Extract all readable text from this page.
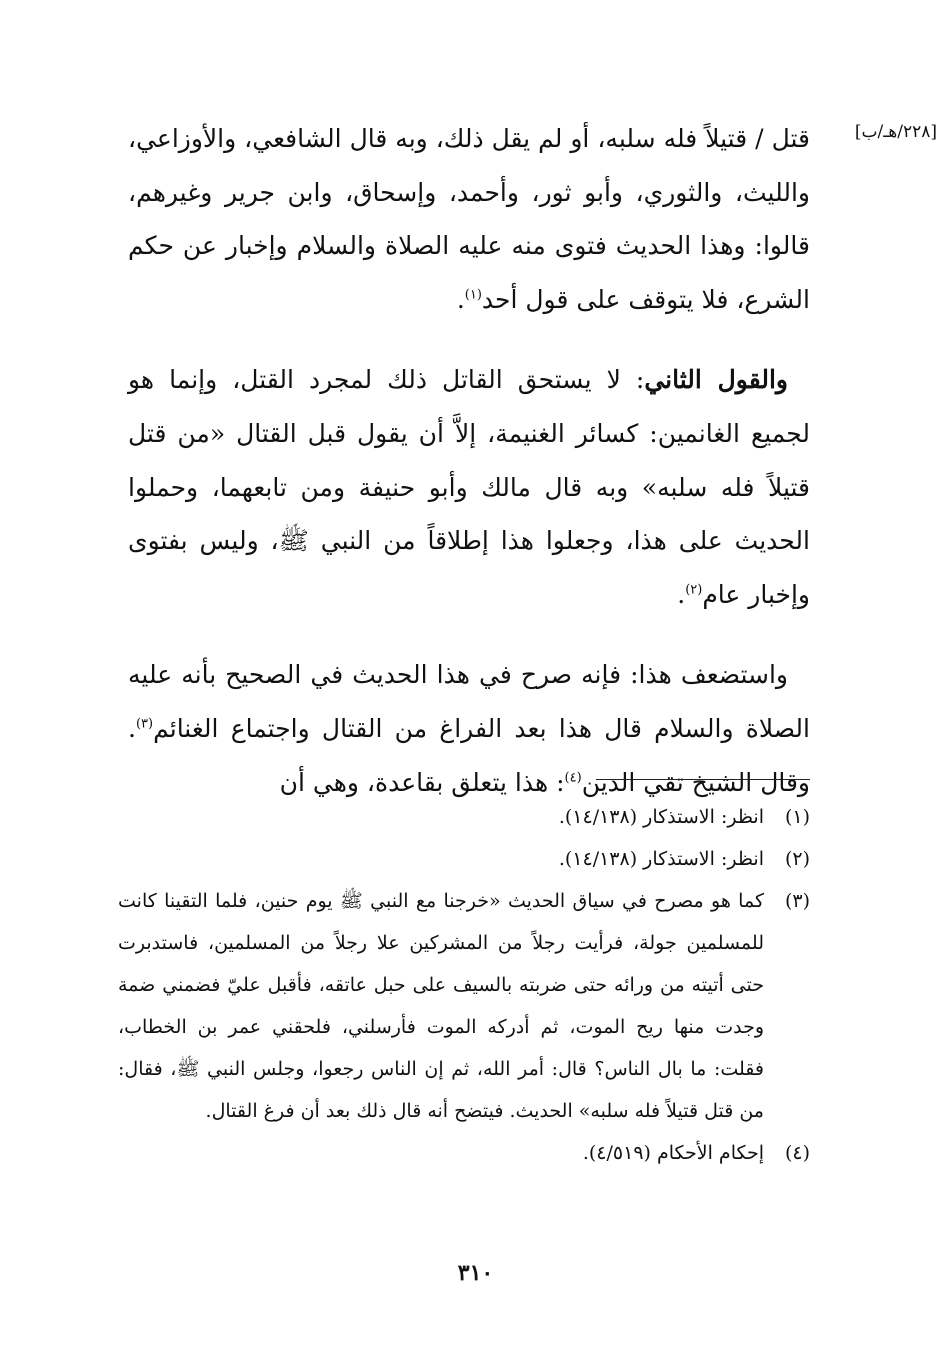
[٢٢٨/هـ/ب]

قتل / قتيلاً فله سلبه، أو لم يقل ذلك، وبه قال الشافعي، والأوزاعي، والليث، والثوري، وأبو ثور، وأحمد، وإسحاق، وابن جرير وغيرهم، قالوا: وهذا الحديث فتوى منه عليه الصلاة والسلام وإخبار عن حكم الشرع، فلا يتوقف على قول أحد$^{(١)}$.

والقول الثاني: لا يستحق القاتل ذلك لمجرد القتل، وإنما هو لجميع الغانمين: كسائر الغنيمة، إلاَّ أن يقول قبل القتال «من قتل قتيلاً فله سلبه» وبه قال مالك وأبو حنيفة ومن تابعهما، وحملوا الحديث على هذا، وجعلوا هذا إطلاقاً من النبي ﷺ، وليس بفتوى وإخبار عام$^{(٢)}$.

واستضعف هذا: فإنه صرح في هذا الحديث في الصحيح بأنه عليه الصلاة والسلام قال هذا بعد الفراغ من القتال واجتماع الغنائم$^{(٣)}$. وقال الشيخ تقي الدين$^{(٤)}$: هذا يتعلق بقاعدة، وهي أن

(١)
انظر: الاستذكار (١٤/١٣٨).

(٢)
انظر: الاستذكار (١٤/١٣٨).

(٣)
كما هو مصرح في سياق الحديث «خرجنا مع النبي ﷺ يوم حنين، فلما التقينا كانت للمسلمين جولة، فرأيت رجلاً من المشركين علا رجلاً من المسلمين، فاستدبرت حتى أتيته من ورائه حتى ضربته بالسيف على حبل عاتقه، فأقبل عليّ فضمني ضمة وجدت منها ريح الموت، ثم أدركه الموت فأرسلني، فلحقني عمر بن الخطاب، فقلت: ما بال الناس؟ قال: أمر الله، ثم إن الناس رجعوا، وجلس النبي ﷺ، فقال: من قتل قتيلاً فله سلبه» الحديث. فيتضح أنه قال ذلك بعد أن فرغ القتال.

(٤)
إحكام الأحكام (٤/٥١٩).

٣١٠
